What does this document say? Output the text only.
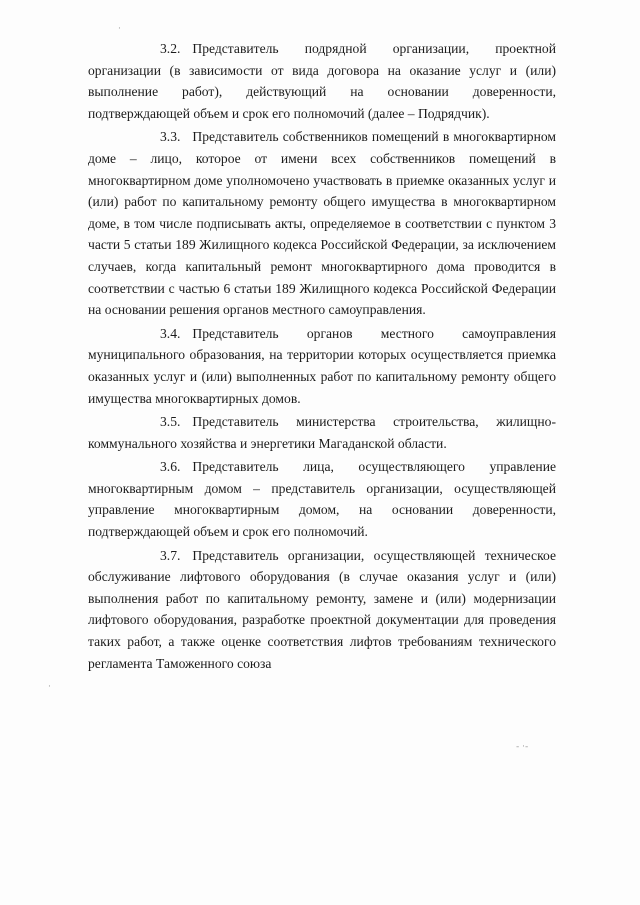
3.2. Представитель подрядной организации, проектной организации (в зависимости от вида договора на оказание услуг и (или) выполнение работ), действующий на основании доверенности, подтверждающей объем и срок его полномочий (далее – Подрядчик).

3.3. Представитель собственников помещений в многоквартирном доме – лицо, которое от имени всех собственников помещений в многоквартирном доме уполномочено участвовать в приемке оказанных услуг и (или) работ по капитальному ремонту общего имущества в многоквартирном доме, в том числе подписывать акты, определяемое в соответствии с пунктом 3 части 5 статьи 189 Жилищного кодекса Российской Федерации, за исключением случаев, когда капитальный ремонт многоквартирного дома проводится в соответствии с частью 6 статьи 189 Жилищного кодекса Российской Федерации на основании решения органов местного самоуправления.

3.4. Представитель органов местного самоуправления муниципального образования, на территории которых осуществляется приемка оказанных услуг и (или) выполненных работ по капитальному ремонту общего имущества многоквартирных домов.

3.5. Представитель министерства строительства, жилищно-коммунального хозяйства и энергетики Магаданской области.

3.6. Представитель лица, осуществляющего управление многоквартирным домом – представитель организации, осуществляющей управление многоквартирным домом, на основании доверенности, подтверждающей объем и срок его полномочий.

3.7. Представитель организации, осуществляющей техническое обслуживание лифтового оборудования (в случае оказания услуг и (или) выполнения работ по капитальному ремонту, замене и (или) модернизации лифтового оборудования, разработке проектной документации для проведения таких работ, а также оценке соответствия лифтов требованиям технического регламента Таможенного союза

·
·
- ·-
